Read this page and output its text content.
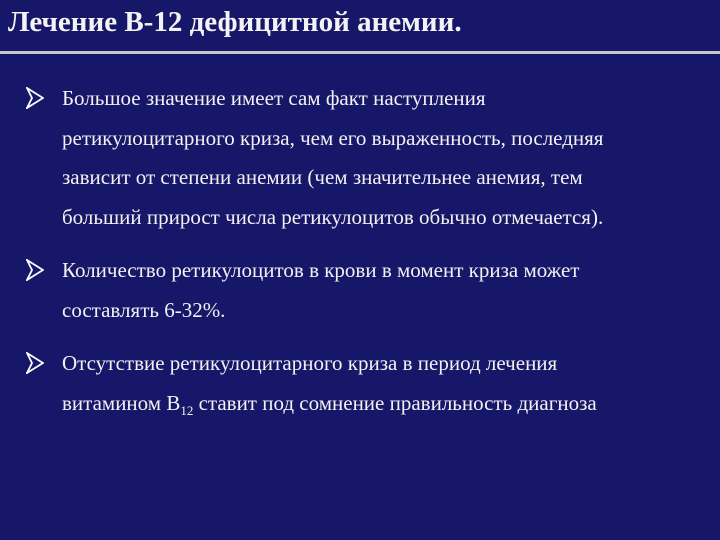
Лечение В-12 дефицитной анемии.
Большое значение имеет сам факт наступления
ретикулоцитарного криза, чем его выраженность, последняя
зависит от степени анемии (чем значительнее анемия, тем
больший прирост числа ретикулоцитов обычно отмечается).
Количество ретикулоцитов в крови в момент криза может
составлять 6-32%.
Отсутствие ретикулоцитарного криза в период лечения
витамином $В_{12}$ ставит под сомнение правильность диагноза
